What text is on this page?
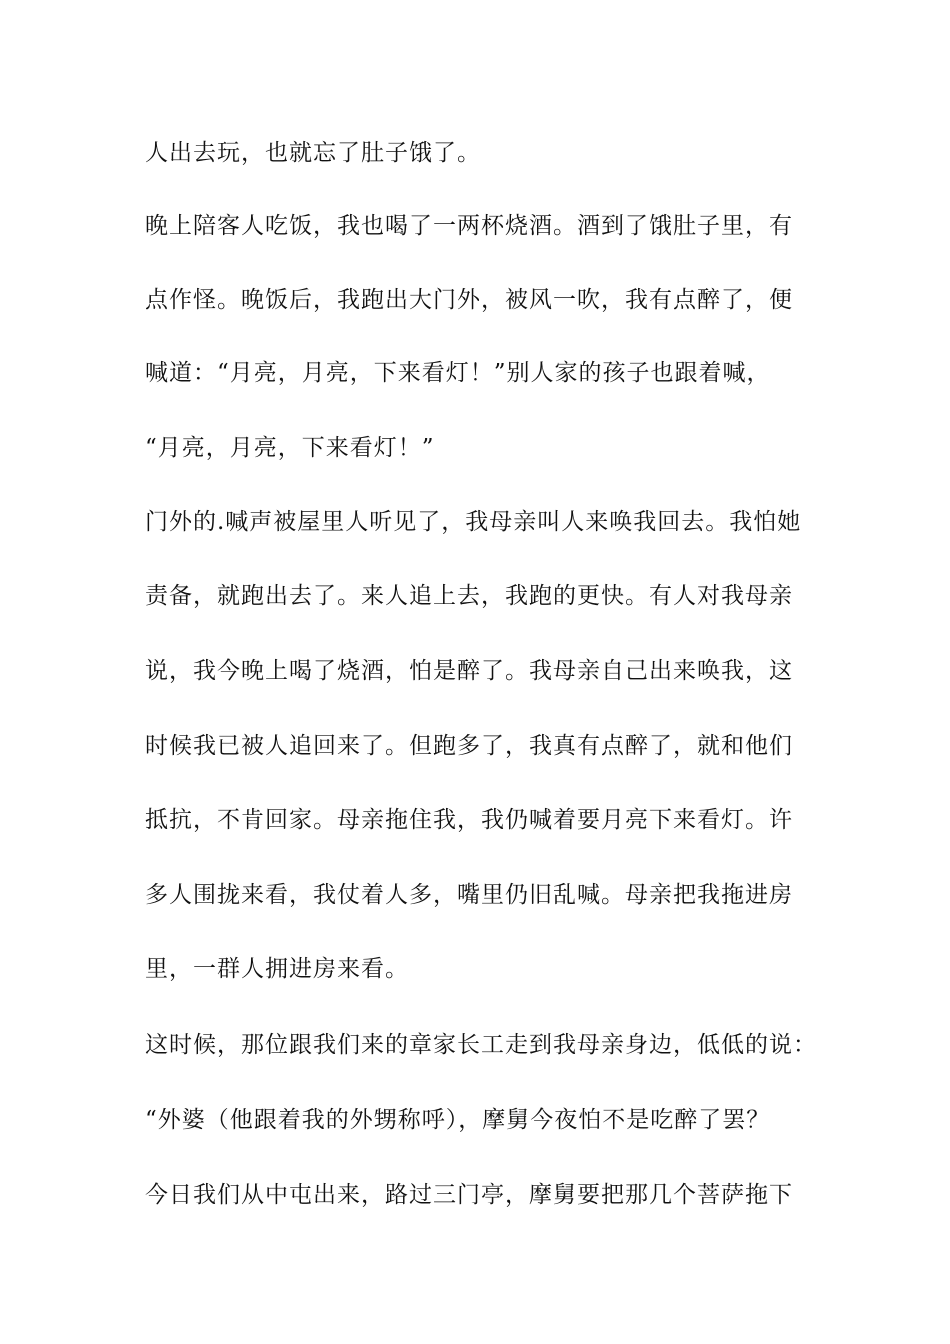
人出去玩，也就忘了肚子饿了。

晚上陪客人吃饭，我也喝了一两杯烧酒。酒到了饿肚子里，有

点作怪。晚饭后，我跑出大门外，被风一吹，我有点醉了，便

喊道：“月亮，月亮，下来看灯！”别人家的孩子也跟着喊，

“月亮，月亮，下来看灯！”

门外的.喊声被屋里人听见了，我母亲叫人来唤我回去。我怕她

责备，就跑出去了。来人追上去，我跑的更快。有人对我母亲

说，我今晚上喝了烧酒，怕是醉了。我母亲自己出来唤我，这

时候我已被人追回来了。但跑多了，我真有点醉了，就和他们

抵抗，不肯回家。母亲拖住我，我仍喊着要月亮下来看灯。许

多人围拢来看，我仗着人多，嘴里仍旧乱喊。母亲把我拖进房

里，一群人拥进房来看。

这时候，那位跟我们来的章家长工走到我母亲身边，低低的说：

“外婆（他跟着我的外甥称呼），摩舅今夜怕不是吃醉了罢？

今日我们从中屯出来，路过三门亭，摩舅要把那几个菩萨拖下
